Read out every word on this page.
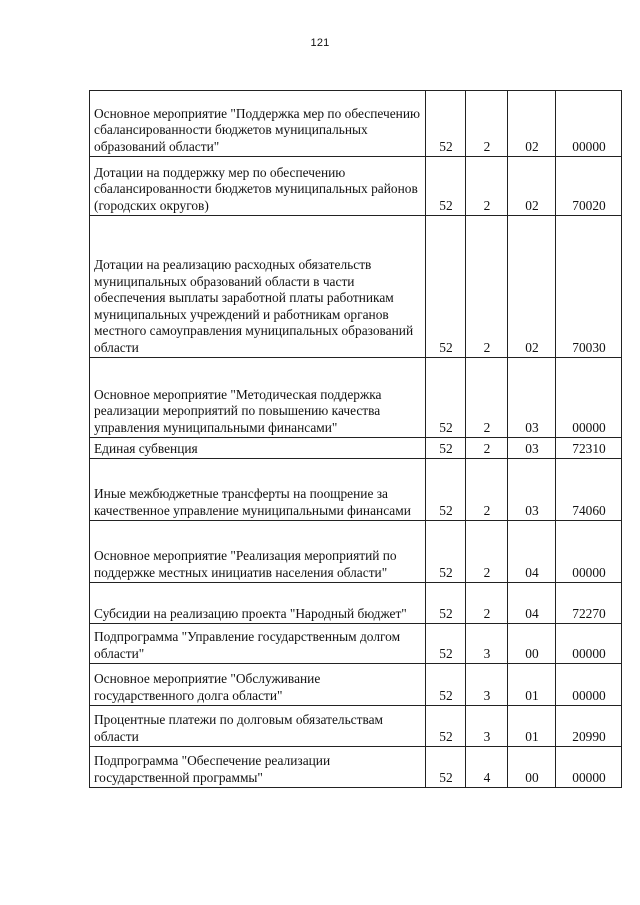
121
Основное мероприятие "Поддержка мер по обеспечению сбалансированности бюджетов муниципальных образований области"	52	2	02	00000
Дотации на поддержку мер по обеспечению сбалансированности бюджетов муниципальных районов (городских округов)	52	2	02	70020
Дотации на реализацию расходных обязательств муниципальных образований области в части обеспечения выплаты заработной платы работникам муниципальных учреждений и работникам органов местного самоуправления муниципальных образований области	52	2	02	70030
Основное мероприятие "Методическая поддержка реализации мероприятий по повышению качества управления муниципальными финансами"	52	2	03	00000
Единая субвенция	52	2	03	72310
Иные межбюджетные трансферты на поощрение за качественное управление муниципальными финансами	52	2	03	74060
Основное мероприятие "Реализация мероприятий по поддержке местных инициатив населения области"	52	2	04	00000
Субсидии на реализацию проекта "Народный бюджет"	52	2	04	72270
Подпрограмма "Управление государственным долгом области"	52	3	00	00000
Основное мероприятие "Обслуживание государственного долга области"	52	3	01	00000
Процентные платежи по долговым обязательствам области	52	3	01	20990
Подпрограмма "Обеспечение реализации государственной программы"	52	4	00	00000
